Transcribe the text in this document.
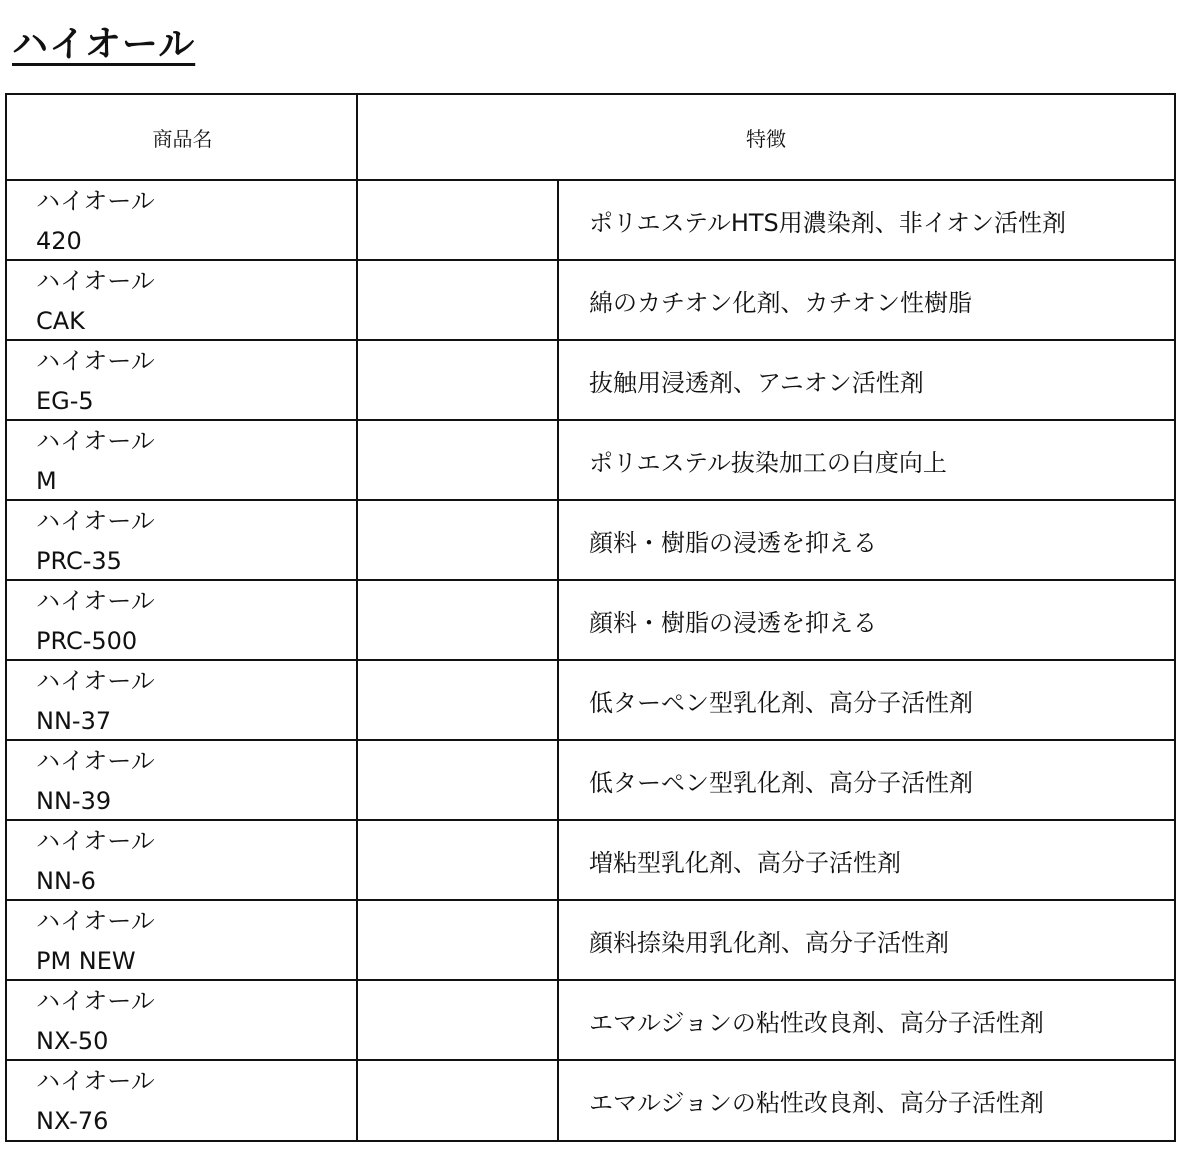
ハイオール
商品名	特徴
ハイオール
420
ポリエステルHTS用濃染剤、非イオン活性剤
ハイオール
CAK
綿のカチオン化剤、カチオン性樹脂
ハイオール
EG-5
抜触用浸透剤、アニオン活性剤
ハイオール
M
ポリエステル抜染加工の白度向上
ハイオール
PRC-35
顔料・樹脂の浸透を抑える
ハイオール
PRC-500
顔料・樹脂の浸透を抑える
ハイオール
NN-37
低ターペン型乳化剤、高分子活性剤
ハイオール
NN-39
低ターペン型乳化剤、高分子活性剤
ハイオール
NN-6
増粘型乳化剤、高分子活性剤
ハイオール
PM NEW
顔料捺染用乳化剤、高分子活性剤
ハイオール
NX-50
エマルジョンの粘性改良剤、高分子活性剤
ハイオール
NX-76
エマルジョンの粘性改良剤、高分子活性剤
